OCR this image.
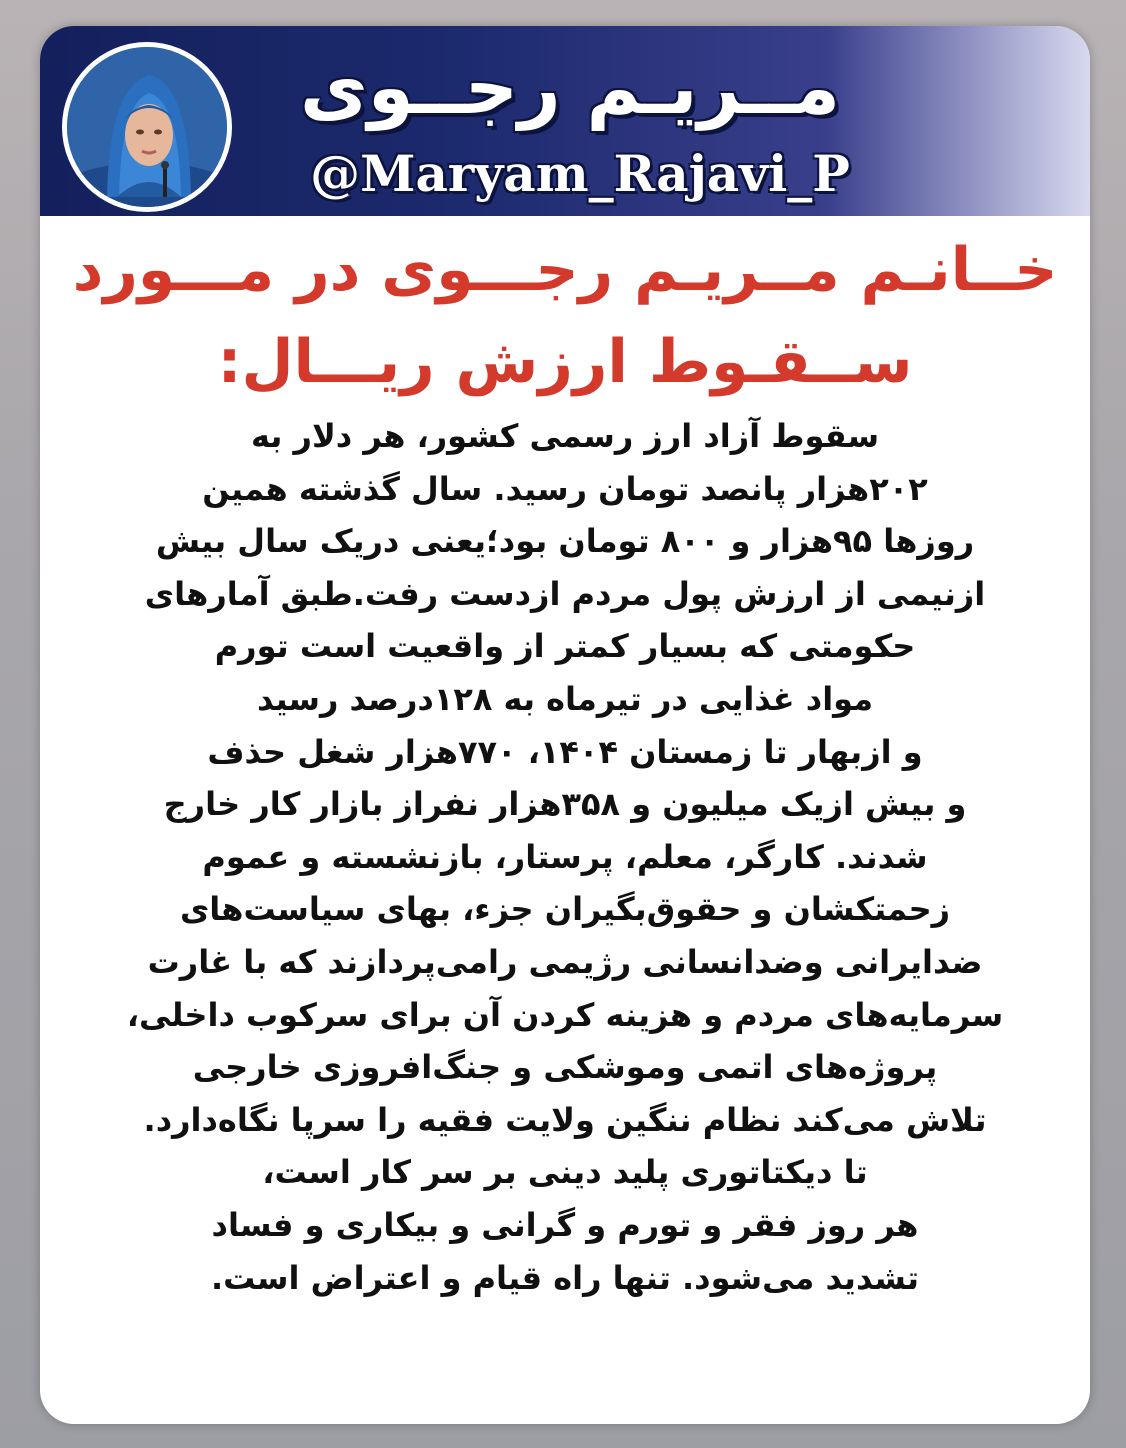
مــریـم رجــوی
@Maryam_Rajavi_P
خــانـم مــریـم رجـــوی در مـــورد
ســقـوط ارزش ریـــال:
سقوط آزاد ارز رسمی کشور، هر دلار به
۲۰۲هزار پانصد تومان رسید. سال گذشته همین
روزها ۹۵هزار و ۸۰۰ تومان بود؛یعنی دریک سال بیش
ازنیمی از ارزش پول مردم ازدست رفت.طبق آمارهای
حکومتی که بسیار کمتر از واقعیت است تورم
مواد غذایی در تیرماه به ۱۲۸درصد رسید
و ازبهار تا زمستان ۱۴۰۴، ۷۷۰هزار شغل حذف
و بیش ازیک میلیون و ۳۵۸هزار نفراز بازار کار خارج
شدند. کارگر، معلم، پرستار، بازنشسته و عموم
زحمتکشان و حقوق‌بگیران جزء، بهای سیاست‌های
ضدایرانی وضدانسانی رژیمی رامی‌پردازند که با غارت
سرمایه‌های مردم و هزینه کردن آن برای سرکوب داخلی،
پروژه‌های اتمی وموشکی و جنگ‌افروزی خارجی
تلاش می‌کند نظام ننگین ولایت فقیه را سرپا نگاه‌دارد.
تا دیکتاتوری پلید دینی بر سر کار است،
هر روز فقر و تورم و گرانی و بیکاری و فساد
تشدید می‌شود. تنها راه قیام و اعتراض است.
